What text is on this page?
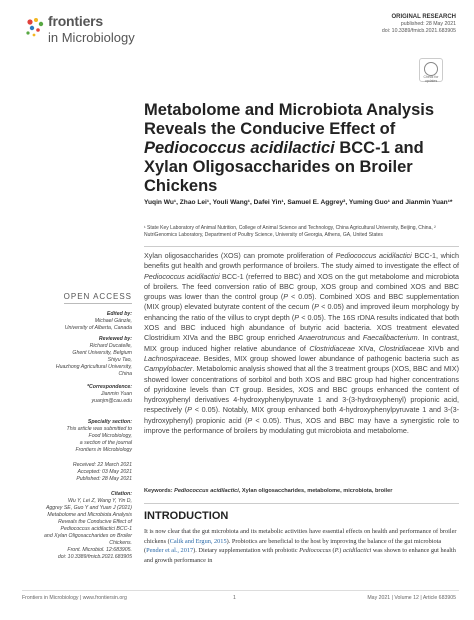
frontiers
in Microbiology
ORIGINAL RESEARCH
published: 28 May 2021
doi: 10.3389/fmicb.2021.683905
Check for updates
Metabolome and Microbiota Analysis
Reveals the Conducive Effect of
Pediococcus acidilactici BCC-1 and
Xylan Oligosaccharides on Broiler
Chickens
Yuqin Wu¹, Zhao Lei¹, Youli Wang¹, Dafei Yin¹, Samuel E. Aggrey², Yuming Guo¹ and Jianmin Yuan¹*
¹ State Key Laboratory of Animal Nutrition, College of Animal Science and Technology, China Agricultural University, Beijing, China, ² NutriGenomics Laboratory, Department of Poultry Science, University of Georgia, Athens, GA, United States
Xylan oligosaccharides (XOS) can promote proliferation of Pediococcus acidilactici BCC-1, which benefits gut health and growth performance of broilers. The study aimed to investigate the effect of Pediococcus acidilactici BCC-1 (referred to BBC) and XOS on the gut metabolome and microbiota of broilers. The feed conversion ratio of BBC group, XOS group and combined XOS and BBC groups was lower than the control group (P < 0.05). Combined XOS and BBC supplementation (MIX group) elevated butyrate content of the cecum (P < 0.05) and improved ileum morphology by enhancing the ratio of the villus to crypt depth (P < 0.05). The 16S rDNA results indicated that both XOS and BBC induced high abundance of butyric acid bacteria. XOS treatment elevated Clostridium XIVa and the BBC group enriched Anaerotruncus and Faecalibacterium. In contrast, MIX group induced higher relative abundance of Clostridiaceae XIVa, Clostridiaceae XIVb and Lachnospiraceae. Besides, MIX group showed lower abundance of pathogenic bacteria such as Campylobacter. Metabolomic analysis showed that all the 3 treatment groups (XOS, BBC and MIX) showed lower concentrations of sorbitol and both XOS and BBC group had higher concentrations of pyridoxine levels than CT group. Besides, XOS and BBC groups enhanced the content of hydroxyphenyl derivatives 4-hydroxyphenylpyruvate 1 and 3-(3-hydroxyphenyl) propionic acid, respectively (P < 0.05). Notably, MIX group enhanced both 4-hydroxyphenylpyruvate 1 and 3-(3-hydroxyphenyl) propionic acid (P < 0.05). Thus, XOS and BBC may have a synergistic role to improve the performance of broilers by modulating gut microbiota and metabolome.
Keywords: Pediococcus acidilactici, Xylan oligosaccharides, metabolome, microbiota, broiler
INTRODUCTION
It is now clear that the gut microbiota and its metabolic activities have essential effects on health and performance of broiler chickens (Calik and Ergun, 2015). Probiotics are beneficial to the host by improving the balance of the gut microbiota (Pender et al., 2017). Dietary supplementation with probiotic Pediococcus (P.) acidilactici was shown to enhance gut health and growth performance in
OPEN ACCESS
Edited by:
Michael Gänzle,
University of Alberta, Canada
Reviewed by:
Richard Ducatelle,
Ghent University, Belgium
Shiyu Tao,
Huazhong Agricultural University,
China
*Correspondence:
Jianmin Yuan
yuanjm@cau.edu
Specialty section:
This article was submitted to
Food Microbiology,
a section of the journal
Frontiers in Microbiology
Received: 22 March 2021
Accepted: 03 May 2021
Published: 28 May 2021
Citation:
Wu Y, Lei Z, Wang Y, Yin D,
Aggrey SE, Guo Y and Yuan J (2021)
Metabolome and Microbiota Analysis
Reveals the Conducive Effect of
Pediococcus acidilactici BCC-1
and Xylan Oligosaccharides on Broiler
Chickens.
Front. Microbiol. 12:683905.
doi: 10.3389/fmicb.2021.683905
Frontiers in Microbiology | www.frontiersin.org	1	May 2021 | Volume 12 | Article 683905
